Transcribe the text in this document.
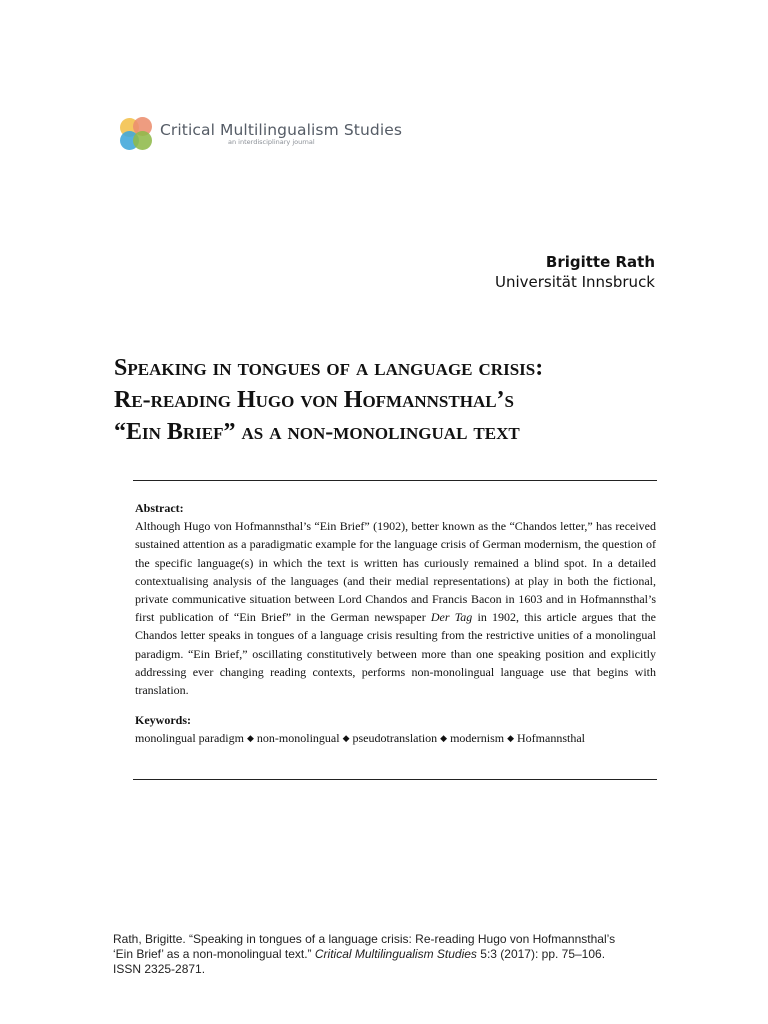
Critical Multilingualism Studies
an interdisciplinary journal
Brigitte Rath
Universität Innsbruck
Speaking in tongues of a language crisis:
Re-reading Hugo von Hofmannsthal’s
“Ein Brief” as a non-monolingual text
Abstract:

Although Hugo von Hofmannsthal’s “Ein Brief” (1902), better known as the “Chandos letter,” has received sustained attention as a paradigmatic example for the language crisis of German modernism, the question of the specific language(s) in which the text is written has curiously remained a blind spot. In a detailed contextualising analysis of the languages (and their medial representations) at play in both the fictional, private communicative situation between Lord Chandos and Francis Bacon in 1603 and in Hofmannsthal’s first publication of “Ein Brief” in the German newspaper Der Tag in 1902, this article argues that the Chandos letter speaks in tongues of a language crisis resulting from the restrictive unities of a monolingual paradigm. “Ein Brief,” oscillating constitutively between more than one speaking position and explicitly addressing ever changing reading contexts, performs non-monolingual language use that begins with translation.

Keywords:

monolingual paradigm ◆ non-monolingual ◆ pseudotranslation ◆ modernism ◆ Hofmannsthal

Rath, Brigitte. “Speaking in tongues of a language crisis: Re-reading Hugo von Hofmannsthal’s ‘Ein Brief’ as a non-monolingual text.” Critical Multilingualism Studies 5:3 (2017): pp. 75–106. ISSN 2325-2871.
